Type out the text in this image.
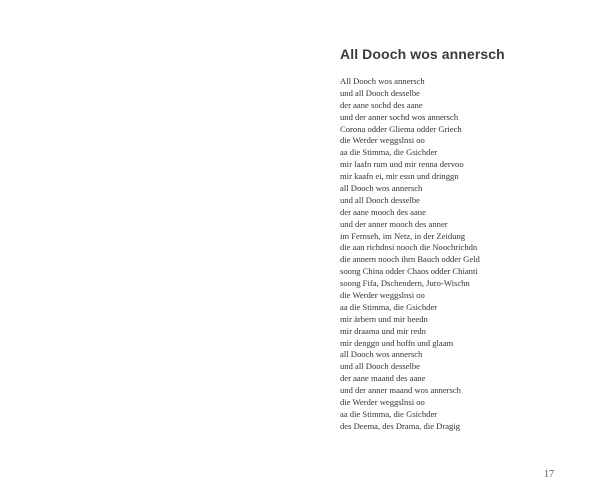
All Dooch wos annersch
All Dooch wos annersch
und all Dooch desselbe
der aane sochd des aane
und der anner sochd wos annersch
Corona odder Gliema odder Griech
die Werder weggslnsi oo
aa die Stimma, die Gsichder
mir laafn rum und mir renna dervoo
mir kaafn ei, mir essn und dringgn
all Dooch wos annersch
und all Dooch desselbe
der aane mooch des aane
und der anner mooch des anner
im Fernseh, im Netz, in der Zeidung
die aan richdnsi nooch die Noochrichdn
die annern nooch ihrn Bauch odder Geld
soong China odder Chaos odder Chianti
soong Fifa, Dschendern, Juro-Wischn
die Werder weggslnsi oo
aa die Stimma, die Gsichder
mir ärbern und mir beedn
mir draama und mir redn
mir denggn und hoffn und glaam
all Dooch wos annersch
und all Dooch desselbe
der aane maand des aane
und der anner maand wos annersch
die Werder weggslnsi oo
aa die Stimma, die Gsichder
des Deema, des Drama, die Dragig
17
